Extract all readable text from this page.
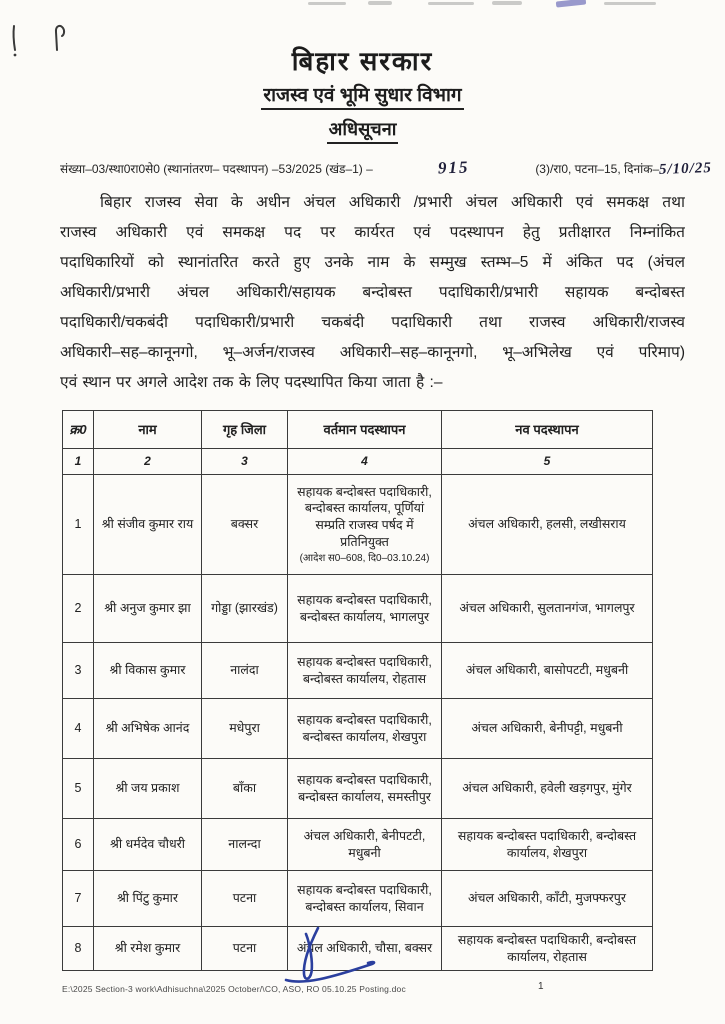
बिहार सरकार
राजस्व एवं भूमि सुधार विभाग
अधिसूचना
संख्या–03/स्था0रा0से0 (स्थानांतरण– पदस्थापन) –53/2025 (खंड–1) –	915	(3)/रा0, पटना–15, दिनांक–5/10/25
बिहार राजस्व सेवा के अधीन अंचल अधिकारी /प्रभारी अंचल अधिकारी एवं समकक्ष तथा
राजस्व अधिकारी एवं समकक्ष पद पर कार्यरत एवं पदस्थापन हेतु प्रतीक्षारत निम्नांकित
पदाधिकारियों को स्थानांतरित करते हुए उनके नाम के सम्मुख स्तम्भ–5 में अंकित पद (अंचल
अधिकारी/प्रभारी अंचल अधिकारी/सहायक बन्दोबस्त पदाधिकारी/प्रभारी सहायक बन्दोबस्त
पदाधिकारी/चकबंदी पदाधिकारी/प्रभारी चकबंदी पदाधिकारी तथा राजस्व अधिकारी/राजस्व
अधिकारी–सह–कानूनगो, भू–अर्जन/राजस्व अधिकारी–सह–कानूनगो, भू–अभिलेख एवं परिमाप)
एवं स्थान पर अगले आदेश तक के लिए पदस्थापित किया जाता है :–
क्र0	नाम	गृह जिला	वर्तमान पदस्थापन	नव पदस्थापन
1	2	3	4	5
1	श्री संजीव कुमार राय	बक्सर	सहायक बन्दोबस्त पदाधिकारी, बन्दोबस्त कार्यालय, पूर्णियां सम्प्रति राजस्व पर्षद में प्रतिनियुक्त
(आदेश स0–608, दि0–03.10.24)	अंचल अधिकारी, हलसी, लखीसराय
2	श्री अनुज कुमार झा	गोड्डा (झारखंड)	सहायक बन्दोबस्त पदाधिकारी, बन्दोबस्त कार्यालय, भागलपुर	अंचल अधिकारी, सुलतानगंज, भागलपुर
3	श्री विकास कुमार	नालंदा	सहायक बन्दोबस्त पदाधिकारी, बन्दोबस्त कार्यालय, रोहतास	अंचल अधिकारी, बासोपटटी, मधुबनी
4	श्री अभिषेक आनंद	मधेपुरा	सहायक बन्दोबस्त पदाधिकारी, बन्दोबस्त कार्यालय, शेखपुरा	अंचल अधिकारी, बेनीपट्टी, मधुबनी
5	श्री जय प्रकाश	बाँका	सहायक बन्दोबस्त पदाधिकारी, बन्दोबस्त कार्यालय, समस्तीपुर	अंचल अधिकारी, हवेली खड़गपुर, मुंगेर
6	श्री धर्मदेव चौधरी	नालन्दा	अंचल अधिकारी, बेनीपटटी, मधुबनी	सहायक बन्दोबस्त पदाधिकारी, बन्दोबस्त कार्यालय, शेखपुरा
7	श्री पिंटु कुमार	पटना	सहायक बन्दोबस्त पदाधिकारी, बन्दोबस्त कार्यालय, सिवान	अंचल अधिकारी, काँटी, मुजफ्फरपुर
8	श्री रमेश कुमार	पटना	अंचल अधिकारी, चौसा, बक्सर	सहायक बन्दोबस्त पदाधिकारी, बन्दोबस्त कार्यालय, रोहतास
E:\2025 Section-3 work\Adhisuchna\2025 October/\CO, ASO, RO 05.10.25 Posting.doc	1
